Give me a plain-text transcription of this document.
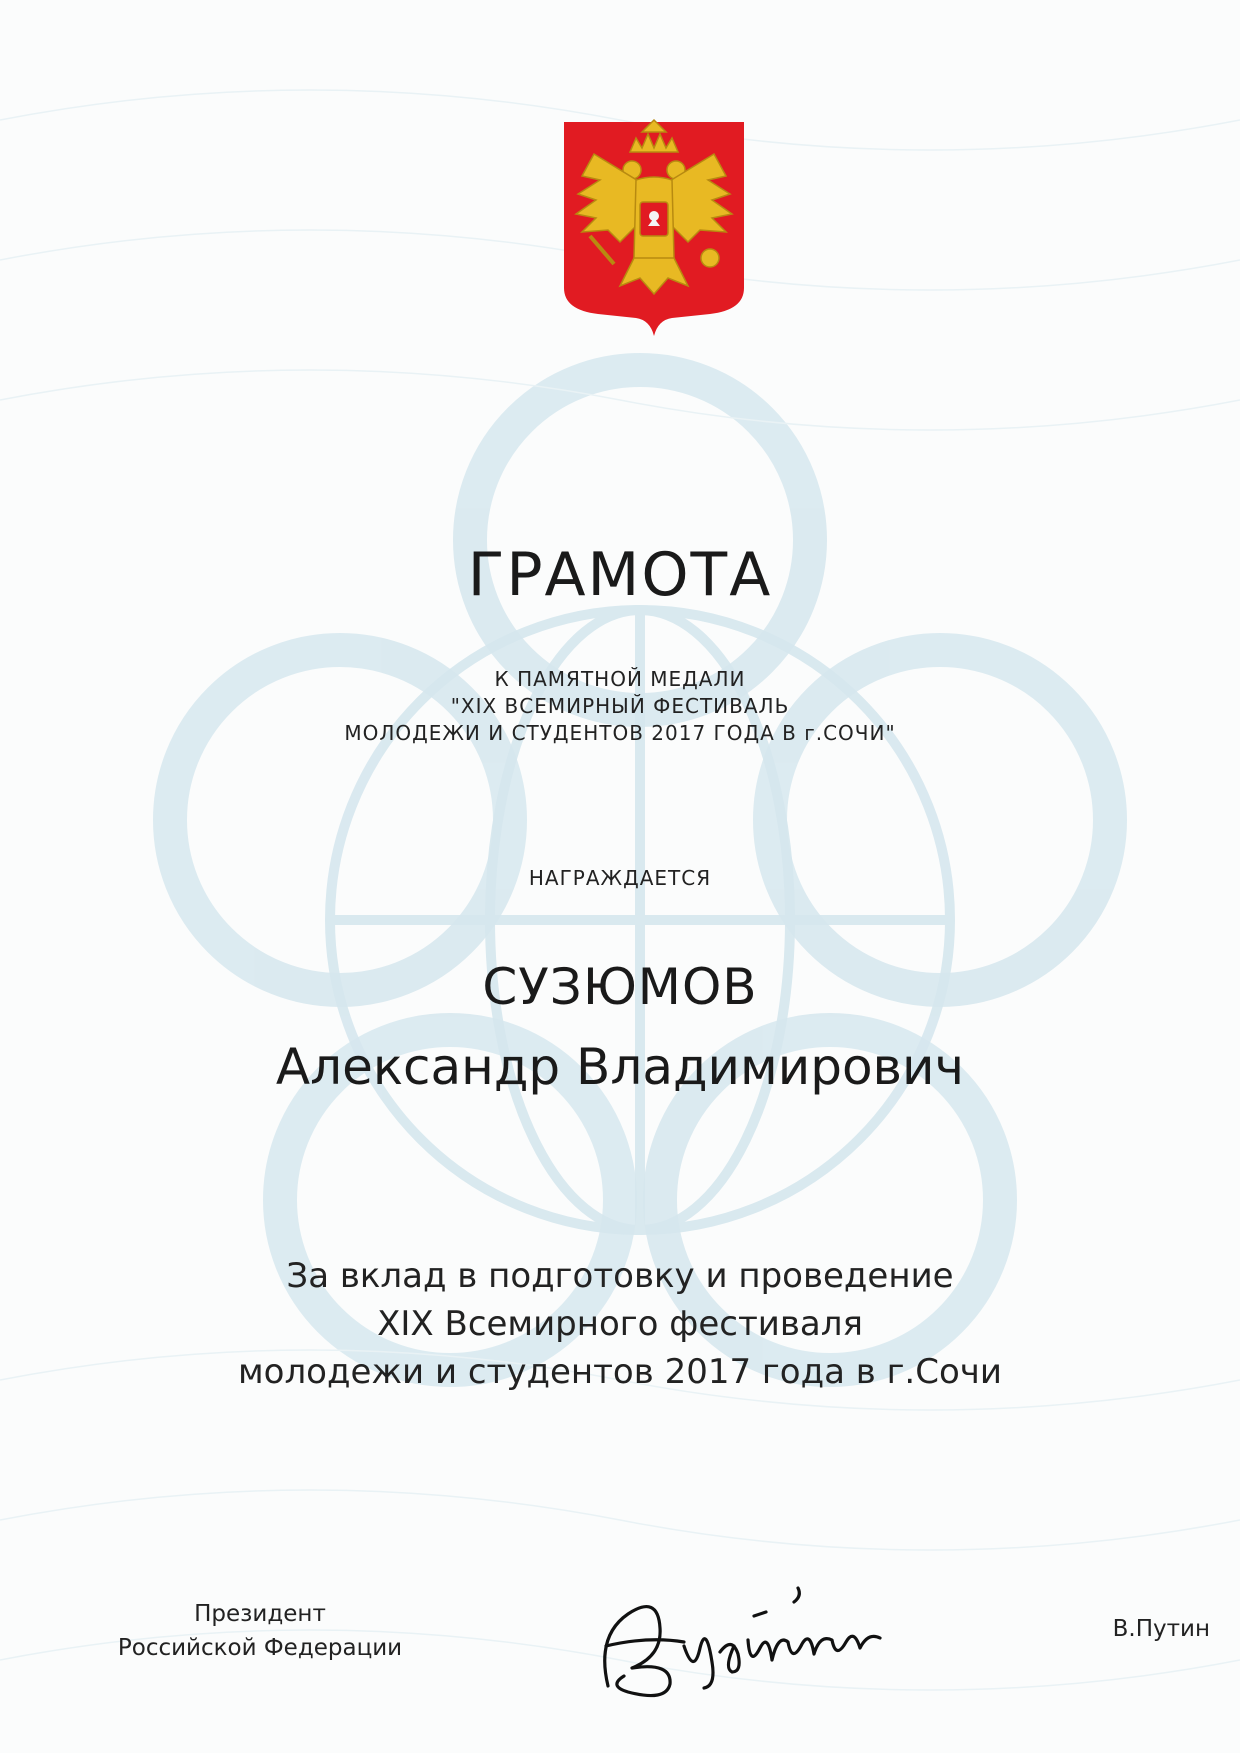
ГРАМОТА
К ПАМЯТНОЙ МЕДАЛИ
"XIX ВСЕМИРНЫЙ ФЕСТИВАЛЬ
МОЛОДЕЖИ И СТУДЕНТОВ 2017 ГОДА В г.СОЧИ"
НАГРАЖДАЕТСЯ
СУЗЮМОВ
Александр Владимирович
За вклад в подготовку и проведение
XIX Всемирного фестиваля
молодежи и студентов 2017 года в г.Сочи
Президент
Российской Федерации
В.Путин
